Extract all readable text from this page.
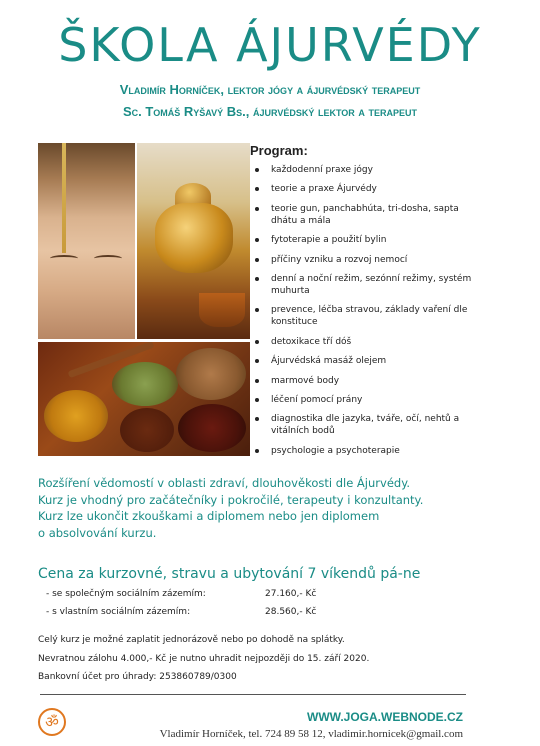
ŠKOLA ÁJURVÉDY
Vladimír Horníček, lektor jógy a ájurvédský terapeut
Sc. Tomáš Ryšavý Bs., ájurvédský lektor a terapeut
Program:
každodenní praxe jógy
teorie a praxe Ájurvédy
teorie gun, panchabhúta, tri-dosha, sapta dhátu a mála
fytoterapie a použití bylin
příčiny vzniku a rozvoj nemocí
denní a noční režim, sezónní režimy, systém muhurta
prevence, léčba stravou, základy vaření dle konstituce
detoxikace tří dóš
Ájurvédská masáž olejem
marmové body
léčení pomocí prány
diagnostika dle jazyka, tváře, očí, nehtů a vitálních bodů
psychologie a psychoterapie
Rozšíření vědomostí v oblasti zdraví, dlouhověkosti dle Ájurvédy.
Kurz je vhodný pro začátečníky i pokročilé, terapeuty i konzultanty.
Kurz lze ukončit zkouškami a diplomem nebo jen diplomem
o absolvování kurzu.
Cena za kurzovné, stravu a ubytování 7 víkendů pá-ne
- se společným sociálním zázemím:	27.160,- Kč
- s vlastním sociálním zázemím:	28.560,- Kč
Celý kurz je možné zaplatit jednorázově nebo po dohodě na splátky.
Nevratnou zálohu 4.000,- Kč je nutno uhradit nejpozději do 15. září 2020.
Bankovní účet pro úhrady: 253860789/0300
ॐ	WWW.JOGA.WEBNODE.CZ
Vladimír Horníček, tel. 724 89 58 12, vladimir.hornicek@gmail.com
